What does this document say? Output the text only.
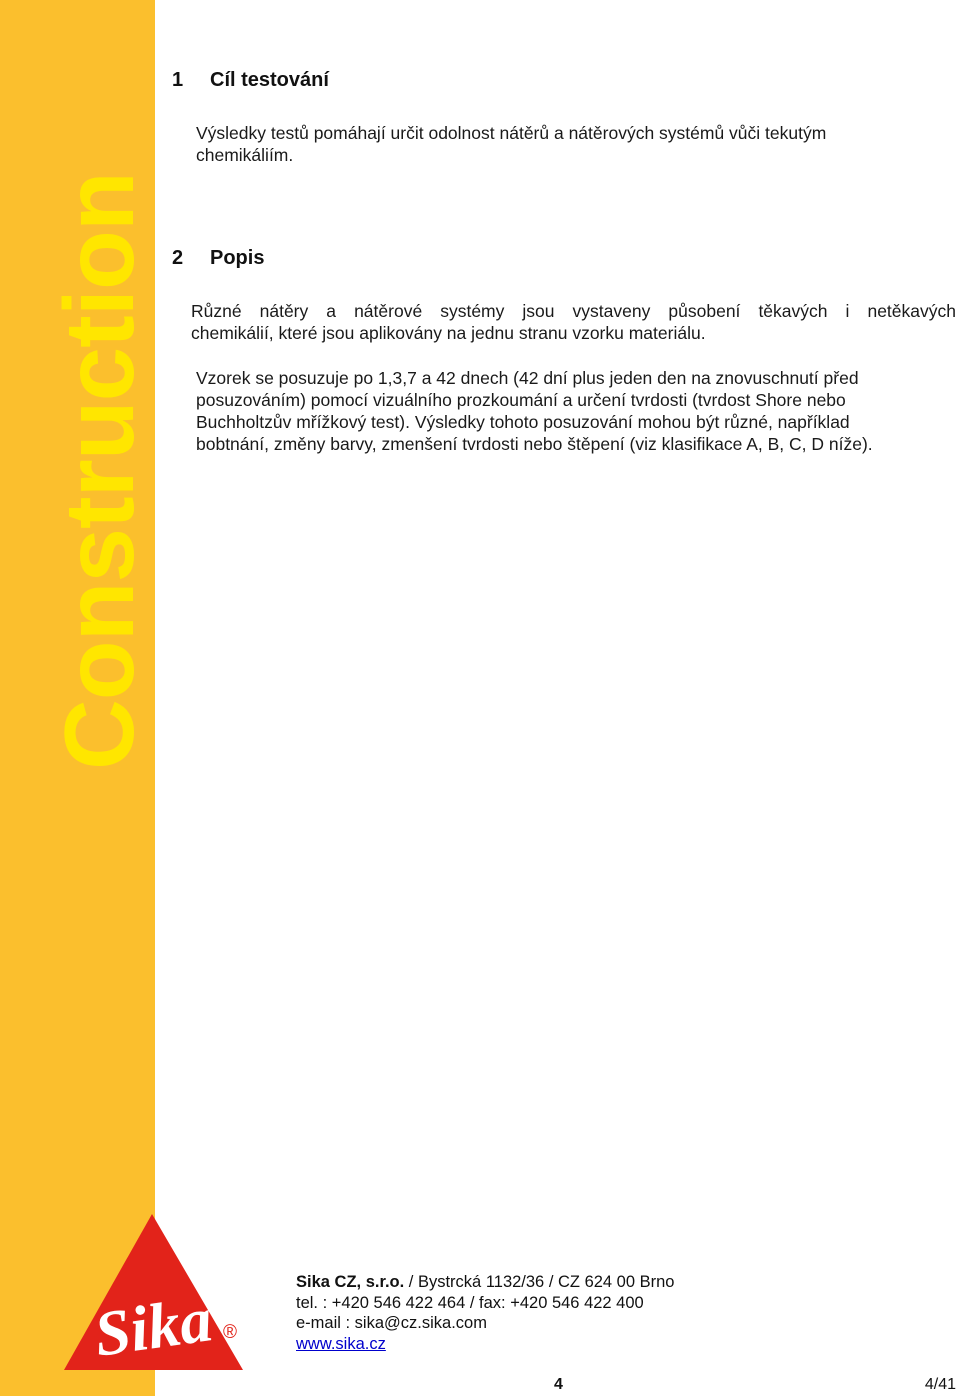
Construction
Sika ®
Autor: J. Willmann
Datum: 02/2007
1 Cíl testování
Výsledky testů pomáhají určit odolnost nátěrů a nátěrových systémů vůči tekutým
chemikáliím.
2 Popis
Různé nátěry a nátěrové systémy jsou vystaveny působení těkavých i netěkavých
chemikálií, které jsou aplikovány na jednu stranu vzorku materiálu.
Vzorek se posuzuje po 1,3,7 a 42 dnech (42 dní plus jeden den na znovuschnutí před
posuzováním) pomocí vizuálního prozkoumání a určení tvrdosti (tvrdost Shore nebo
Buchholtzův mřížkový test). Výsledky tohoto posuzování mohou být různé, například
bobtnání, změny barvy, zmenšení tvrdosti nebo štěpení (viz klasifikace A, B, C, D níže).
Sika CZ, s.r.o. / Bystrcká 1132/36 / CZ 624 00 Brno
tel. : +420 546 422 464 / fax: +420 546 422 400
e-mail : sika@cz.sika.com
www.sika.cz
4	4/41
